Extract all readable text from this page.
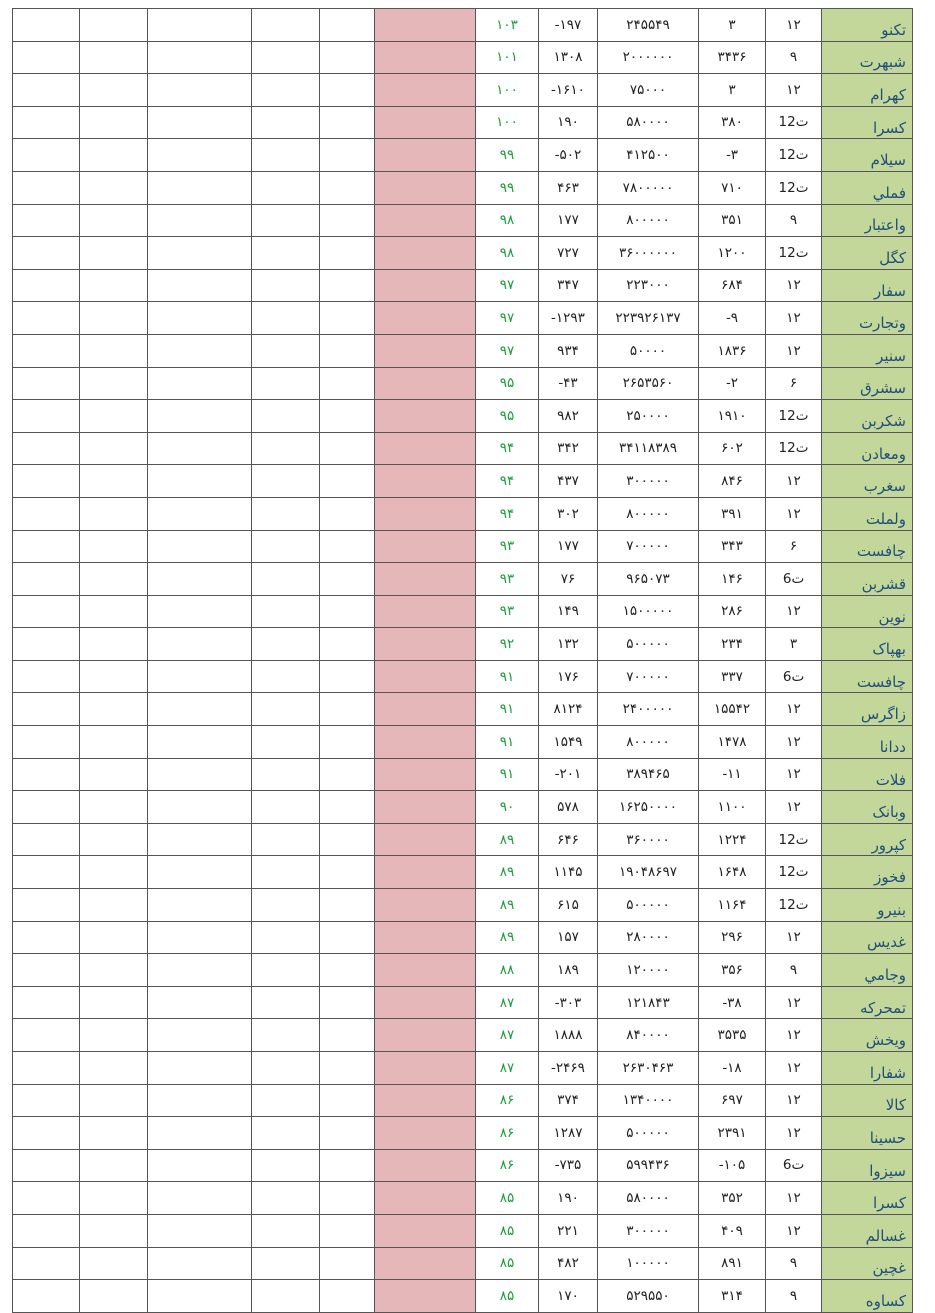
						۱۰۳	-۱۹۷	۲۴۵۵۴۹	۳	۱۲	تکنو
						۱۰۱	۱۳۰۸	۲۰۰۰۰۰۰	۳۴۳۶	۹	شبهرت
						۱۰۰	-۱۶۱۰	۷۵۰۰۰	۳	۱۲	کهرام
						۱۰۰	۱۹۰	۵۸۰۰۰۰	۳۸۰	12ت	کسرا
						۹۹	-۵۰۲	۴۱۲۵۰۰	-۳	12ت	سیلام
						۹۹	۴۶۳	۷۸۰۰۰۰۰	۷۱۰	12ت	فملي
						۹۸	۱۷۷	۸۰۰۰۰۰	۳۵۱	۹	واعتبار
						۹۸	۷۲۷	۳۶۰۰۰۰۰۰	۱۲۰۰	12ت	کگل
						۹۷	۳۴۷	۲۲۳۰۰۰	۶۸۴	۱۲	سفار
						۹۷	-۱۲۹۳	۲۲۳۹۲۶۱۳۷	-۹	۱۲	وتجارت
						۹۷	۹۳۴	۵۰۰۰۰	۱۸۳۶	۱۲	سنیر
						۹۵	-۴۳	۲۶۵۳۵۶۰	-۲	۶	سشرق
						۹۵	۹۸۲	۲۵۰۰۰۰	۱۹۱۰	12ت	شکربن
						۹۴	۳۴۲	۳۴۱۱۸۳۸۹	۶۰۲	12ت	ومعادن
						۹۴	۴۳۷	۳۰۰۰۰۰	۸۴۶	۱۲	سغرب
						۹۴	۳۰۲	۸۰۰۰۰۰	۳۹۱	۱۲	ولملت
						۹۳	۱۷۷	۷۰۰۰۰۰	۳۴۳	۶	چافست
						۹۳	۷۶	۹۶۵۰۷۳	۱۴۶	6ت	قشربن
						۹۳	۱۴۹	۱۵۰۰۰۰۰	۲۸۶	۱۲	نوین
						۹۲	۱۳۲	۵۰۰۰۰۰	۲۳۴	۳	بهپاک
						۹۱	۱۷۶	۷۰۰۰۰۰	۳۳۷	6ت	چافست
						۹۱	۸۱۲۴	۲۴۰۰۰۰۰	۱۵۵۴۲	۱۲	زاگرس
						۹۱	۱۵۴۹	۸۰۰۰۰۰	۱۴۷۸	۱۲	ددانا
						۹۱	-۲۰۱	۳۸۹۴۶۵	-۱۱	۱۲	فلات
						۹۰	۵۷۸	۱۶۲۵۰۰۰۰	۱۱۰۰	۱۲	وبانک
						۸۹	۶۴۶	۳۶۰۰۰۰	۱۲۲۴	12ت	کپرور
						۸۹	۱۱۴۵	۱۹۰۴۸۶۹۷	۱۶۴۸	12ت	فخوز
						۸۹	۶۱۵	۵۰۰۰۰۰	۱۱۶۴	12ت	بنیرو
						۸۹	۱۵۷	۲۸۰۰۰۰	۲۹۶	۱۲	غدیس
						۸۸	۱۸۹	۱۲۰۰۰۰	۳۵۶	۹	وجامي
						۸۷	-۳۰۳	۱۲۱۸۴۳	-۳۸	۱۲	تمحرکه
						۸۷	۱۸۸۸	۸۴۰۰۰۰	۳۵۳۵	۱۲	ویخش
						۸۷	-۲۴۶۹	۲۶۳۰۴۶۳	-۱۸	۱۲	شفارا
						۸۶	۳۷۴	۱۳۴۰۰۰۰	۶۹۷	۱۲	کالا
						۸۶	۱۲۸۷	۵۰۰۰۰۰	۲۳۹۱	۱۲	حسینا
						۸۶	-۷۳۵	۵۹۹۴۳۶	-۱۰۵	6ت	سیزوا
						۸۵	۱۹۰	۵۸۰۰۰۰	۳۵۲	۱۲	کسرا
						۸۵	۲۲۱	۳۰۰۰۰۰	۴۰۹	۱۲	غسالم
						۸۵	۴۸۲	۱۰۰۰۰۰	۸۹۱	۹	غچین
						۸۵	۱۷۰	۵۲۹۵۵۰	۳۱۴	۹	کساوه
